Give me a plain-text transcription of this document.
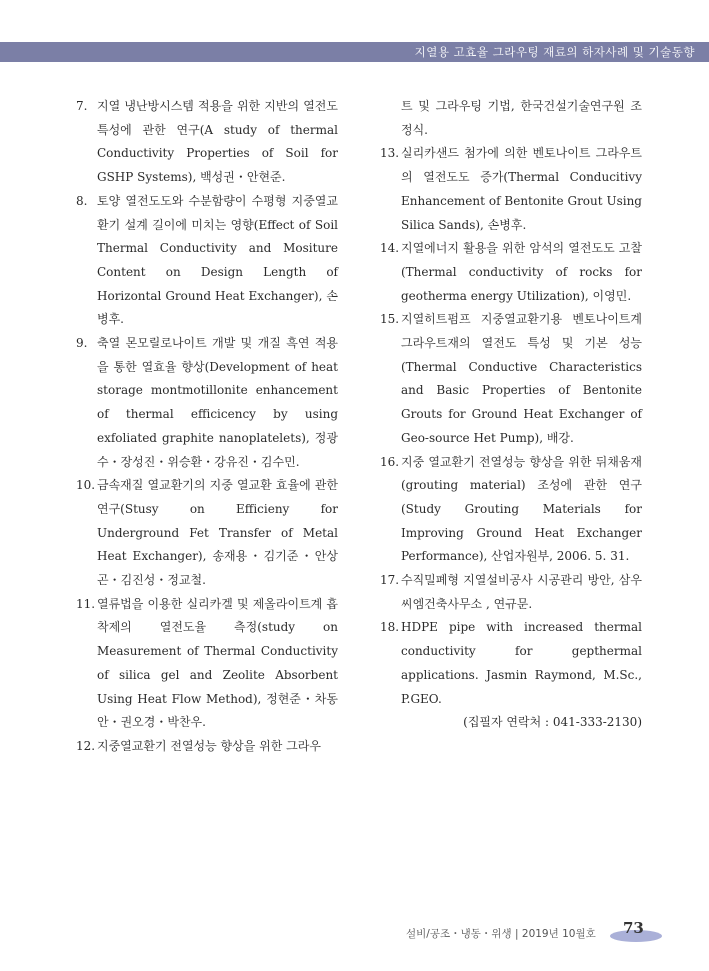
지열용 고효율 그라우팅 재료의 하자사례 및 기술동향
7. 지열 냉난방시스템 적용을 위한 지반의 열전도 특성에 관한 연구(A study of thermal Conductivity Properties of Soil for GSHP Systems), 백성권・안현준.
8. 토양 열전도도와 수분함량이 수평형 지중열교환기 설계 길이에 미치는 영향(Effect of Soil Thermal Conductivity and Mositure Content on Design Length of Horizontal Ground Heat Exchanger), 손병후.
9. 축열 몬모릴로나이트 개발 및 개질 흑연 적용을 통한 열효율 향상(Development of heat storage montmotillonite enhancement of thermal efficicency by using exfoliated graphite nanoplatelets), 정광수・장성진・위승환・강유진・김수민.
10. 금속재질 열교환기의 지중 열교환 효율에 관한 연구(Stusy on Efficieny for Underground Fet Transfer of Metal Heat Exchanger), 송재용・김기준・안상곤・김진성・정교철.
11. 열류법을 이용한 실리카겔 및 제올라이트계 흡착제의 열전도율 측정(study on Measurement of Thermal Conductivity of silica gel and Zeolite Absorbent Using Heat Flow Method), 정현준・차동안・권오경・박찬우.
12. 지중열교환기 전열성능 향상을 위한 그라우
트 및 그라우팅 기법, 한국건설기술연구원 조정식.
13. 실리카샌드 첨가에 의한 벤토나이트 그라우트의 열전도도 증가(Thermal Conducitivy Enhancement of Bentonite Grout Using Silica Sands), 손병후.
14. 지열에너지 활용을 위한 암석의 열전도도 고찰(Thermal conductivity of rocks for geotherma energy Utilization), 이영민.
15. 지열히트펌프 지중열교환기용 벤토나이트계 그라우트재의 열전도 특성 및 기본 성능(Thermal Conductive Characteristics and Basic Properties of Bentonite Grouts for Ground Heat Exchanger of Geo-source Het Pump), 배강.
16. 지중 열교환기 전열성능 향상을 위한 뒤채움재(grouting material) 조성에 관한 연구(Study Grouting Materials for Improving Ground Heat Exchanger Performance), 산업자원부, 2006. 5. 31.
17. 수직밀폐형 지열설비공사 시공관리 방안, 삼우씨엠건축사무소 , 연규문.
18. HDPE pipe with increased thermal conductivity for gepthermal applications. Jasmin Raymond, M.Sc., P.GEO.
(집필자 연락처 : 041-333-2130)
설비/공조・냉동・위생 | 2019년 10월호 73
